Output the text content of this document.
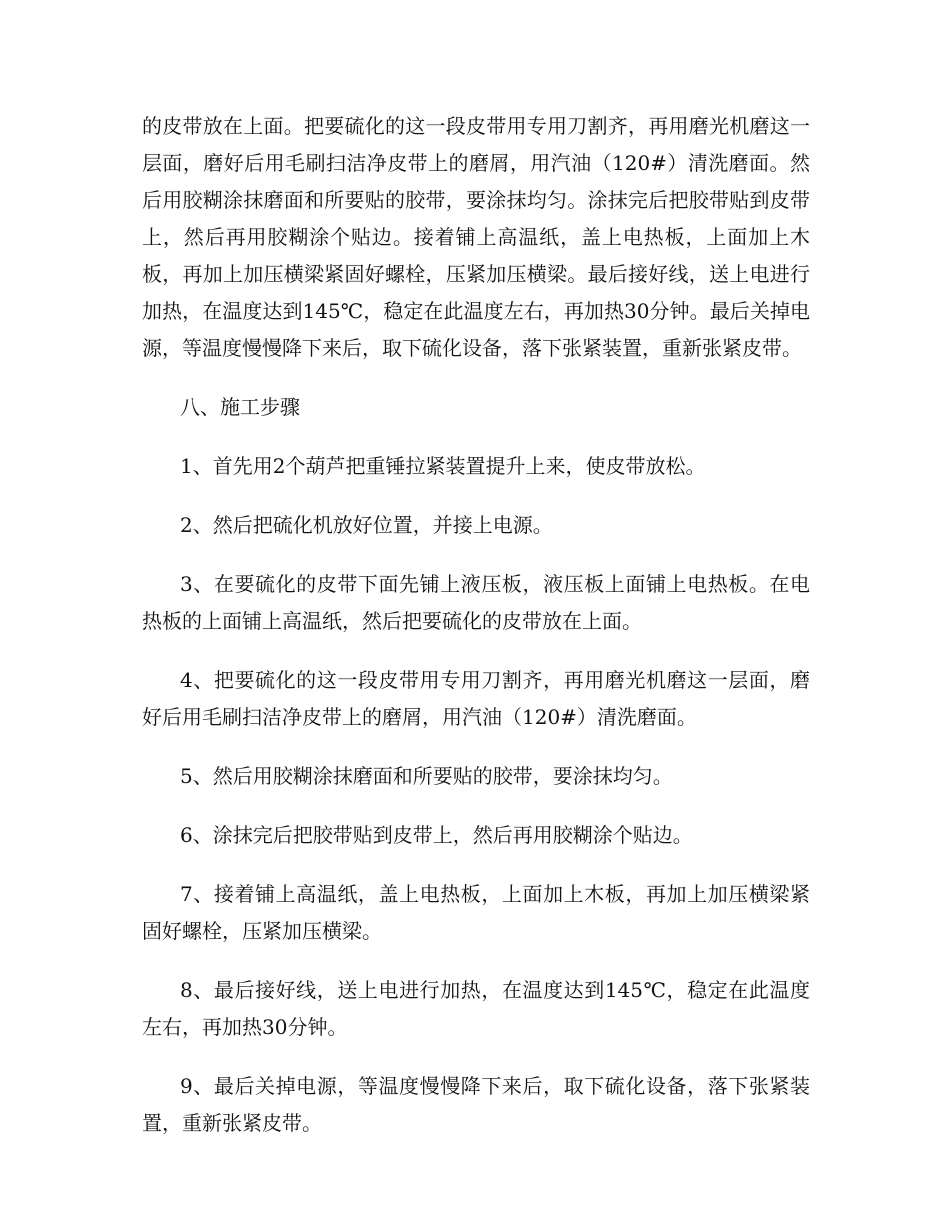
的皮带放在上面。把要硫化的这一段皮带用专用刀割齐，再用磨光机磨这一层面，磨好后用毛刷扫洁净皮带上的磨屑，用汽油（120#）清洗磨面。然后用胶糊涂抹磨面和所要贴的胶带，要涂抹均匀。涂抹完后把胶带贴到皮带上，然后再用胶糊涂个贴边。接着铺上高温纸，盖上电热板，上面加上木板，再加上加压横梁紧固好螺栓，压紧加压横梁。最后接好线，送上电进行加热，在温度达到145℃，稳定在此温度左右，再加热30分钟。最后关掉电源，等温度慢慢降下来后，取下硫化设备，落下张紧装置，重新张紧皮带。

八、施工步骤

1、首先用2个葫芦把重锤拉紧装置提升上来，使皮带放松。

2、然后把硫化机放好位置，并接上电源。

3、在要硫化的皮带下面先铺上液压板，液压板上面铺上电热板。在电热板的上面铺上高温纸，然后把要硫化的皮带放在上面。

4、把要硫化的这一段皮带用专用刀割齐，再用磨光机磨这一层面，磨好后用毛刷扫洁净皮带上的磨屑，用汽油（120#）清洗磨面。

5、然后用胶糊涂抹磨面和所要贴的胶带，要涂抹均匀。

6、涂抹完后把胶带贴到皮带上，然后再用胶糊涂个贴边。

7、接着铺上高温纸，盖上电热板，上面加上木板，再加上加压横梁紧固好螺栓，压紧加压横梁。

8、最后接好线，送上电进行加热，在温度达到145℃，稳定在此温度左右，再加热30分钟。

9、最后关掉电源，等温度慢慢降下来后，取下硫化设备，落下张紧装置，重新张紧皮带。
